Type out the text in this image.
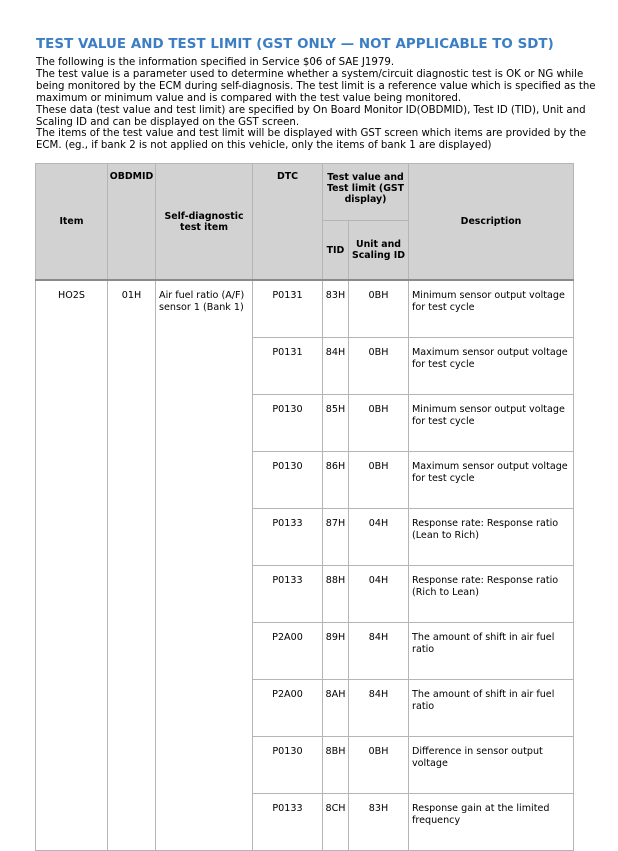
TEST VALUE AND TEST LIMIT (GST ONLY — NOT APPLICABLE TO SDT)

The following is the information specified in Service $06 of SAE J1979.

The test value is a parameter used to determine whether a system/circuit diagnostic test is OK or NG while being monitored by the ECM during self-diagnosis. The test limit is a reference value which is specified as the maximum or minimum value and is compared with the test value being monitored.

These data (test value and test limit) are specified by On Board Monitor ID(OBDMID), Test ID (TID), Unit and Scaling ID and can be displayed on the GST screen.

The items of the test value and test limit will be displayed with GST screen which items are provided by the ECM. (eg., if bank 2 is not applied on this vehicle, only the items of bank 1 are displayed)

Item	OBDMID	Self-diagnostic test item	DTC	Test value and Test limit (GST display)		Description
				TID	Unit and Scaling ID	
HO2S	01H	Air fuel ratio (A/F) sensor 1 (Bank 1)	P0131	83H	0BH	Minimum sensor output voltage for test cycle
			P0131	84H	0BH	Maximum sensor output voltage for test cycle
			P0130	85H	0BH	Minimum sensor output voltage for test cycle
			P0130	86H	0BH	Maximum sensor output voltage for test cycle
			P0133	87H	04H	Response rate: Response ratio (Lean to Rich)
			P0133	88H	04H	Response rate: Response ratio (Rich to Lean)
			P2A00	89H	84H	The amount of shift in air fuel ratio
			P2A00	8AH	84H	The amount of shift in air fuel ratio
			P0130	8BH	0BH	Difference in sensor output voltage
			P0133	8CH	83H	Response gain at the limited frequency
